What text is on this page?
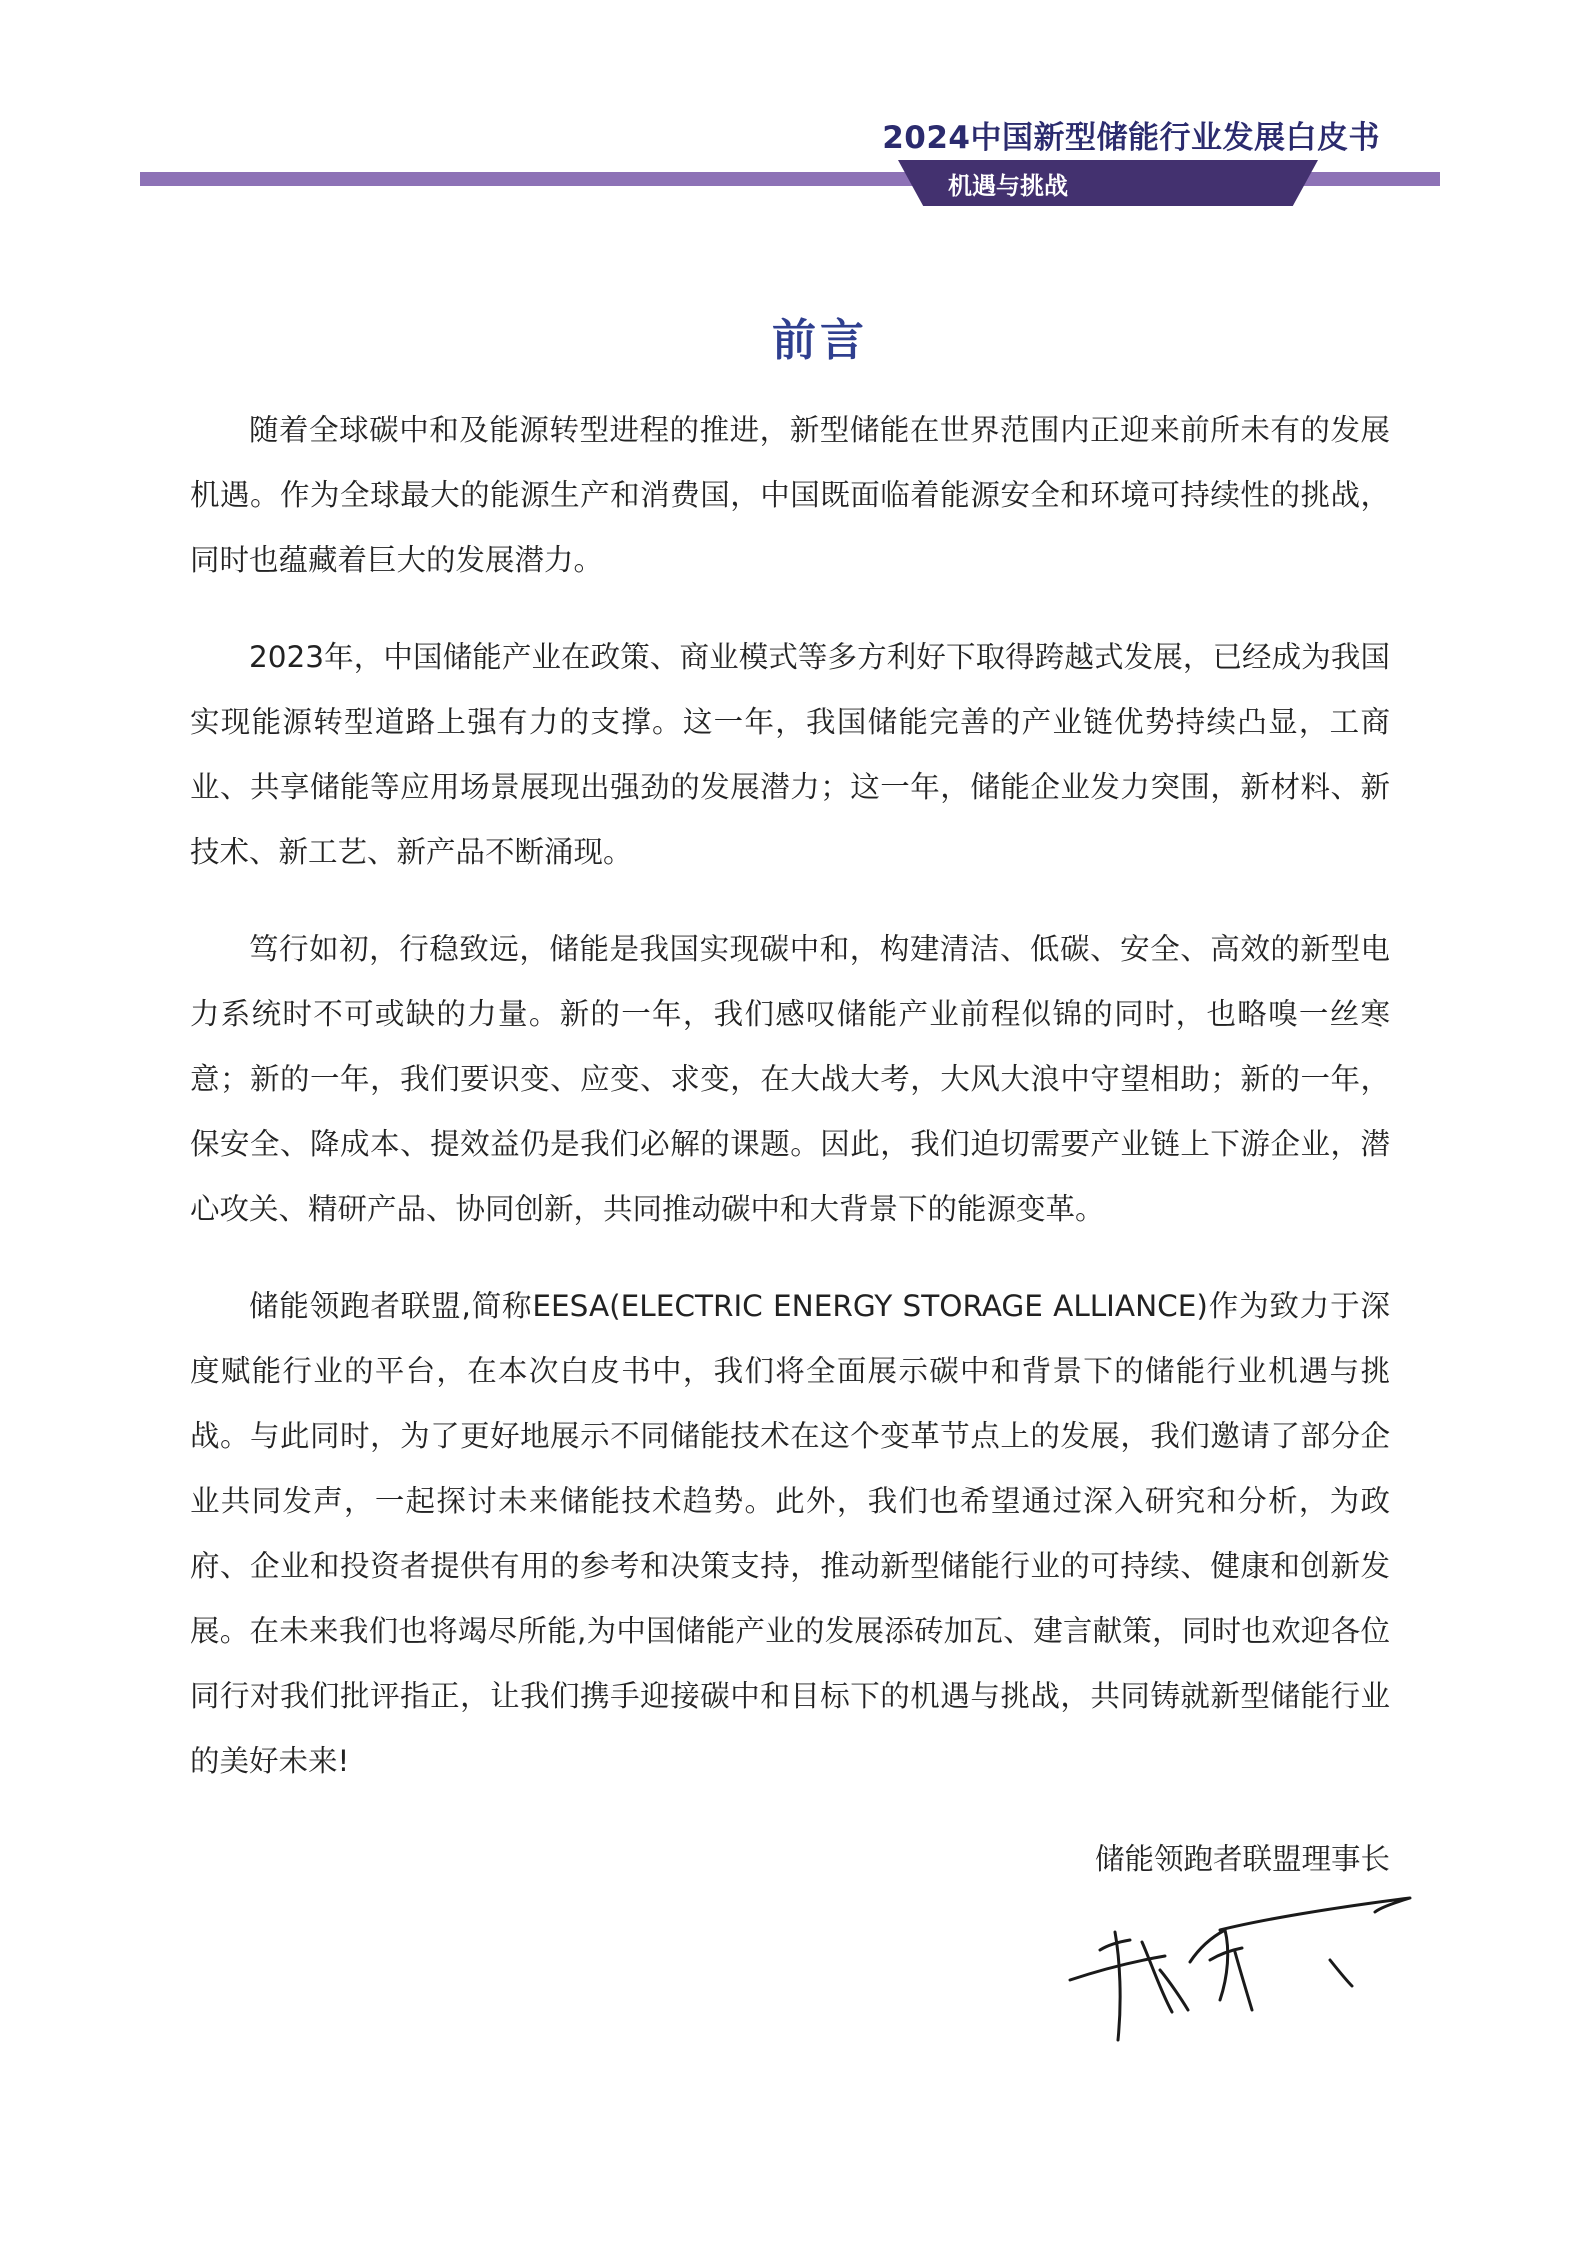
2024中国新型储能行业发展白皮书
机遇与挑战
前言

随着全球碳中和及能源转型进程的推进，新型储能在世界范围内正迎来前所未有的发展机遇。作为全球最大的能源生产和消费国，中国既面临着能源安全和环境可持续性的挑战，同时也蕴藏着巨大的发展潜力。

2023年，中国储能产业在政策、商业模式等多方利好下取得跨越式发展，已经成为我国实现能源转型道路上强有力的支撑。这一年，我国储能完善的产业链优势持续凸显，工商业、共享储能等应用场景展现出强劲的发展潜力；这一年，储能企业发力突围，新材料、新技术、新工艺、新产品不断涌现。

笃行如初，行稳致远，储能是我国实现碳中和，构建清洁、低碳、安全、高效的新型电力系统时不可或缺的力量。新的一年，我们感叹储能产业前程似锦的同时，也略嗅一丝寒意；新的一年，我们要识变、应变、求变，在大战大考，大风大浪中守望相助；新的一年，保安全、降成本、提效益仍是我们必解的课题。因此，我们迫切需要产业链上下游企业，潜心攻关、精研产品、协同创新，共同推动碳中和大背景下的能源变革。

储能领跑者联盟,简称EESA(ELECTRIC ENERGY STORAGE ALLIANCE)作为致力于深度赋能行业的平台，在本次白皮书中，我们将全面展示碳中和背景下的储能行业机遇与挑战。与此同时，为了更好地展示不同储能技术在这个变革节点上的发展，我们邀请了部分企业共同发声，一起探讨未来储能技术趋势。此外，我们也希望通过深入研究和分析，为政府、企业和投资者提供有用的参考和决策支持，推动新型储能行业的可持续、健康和创新发展。在未来我们也将竭尽所能,为中国储能产业的发展添砖加瓦、建言献策，同时也欢迎各位同行对我们批评指正，让我们携手迎接碳中和目标下的机遇与挑战，共同铸就新型储能行业的美好未来!

储能领跑者联盟理事长
